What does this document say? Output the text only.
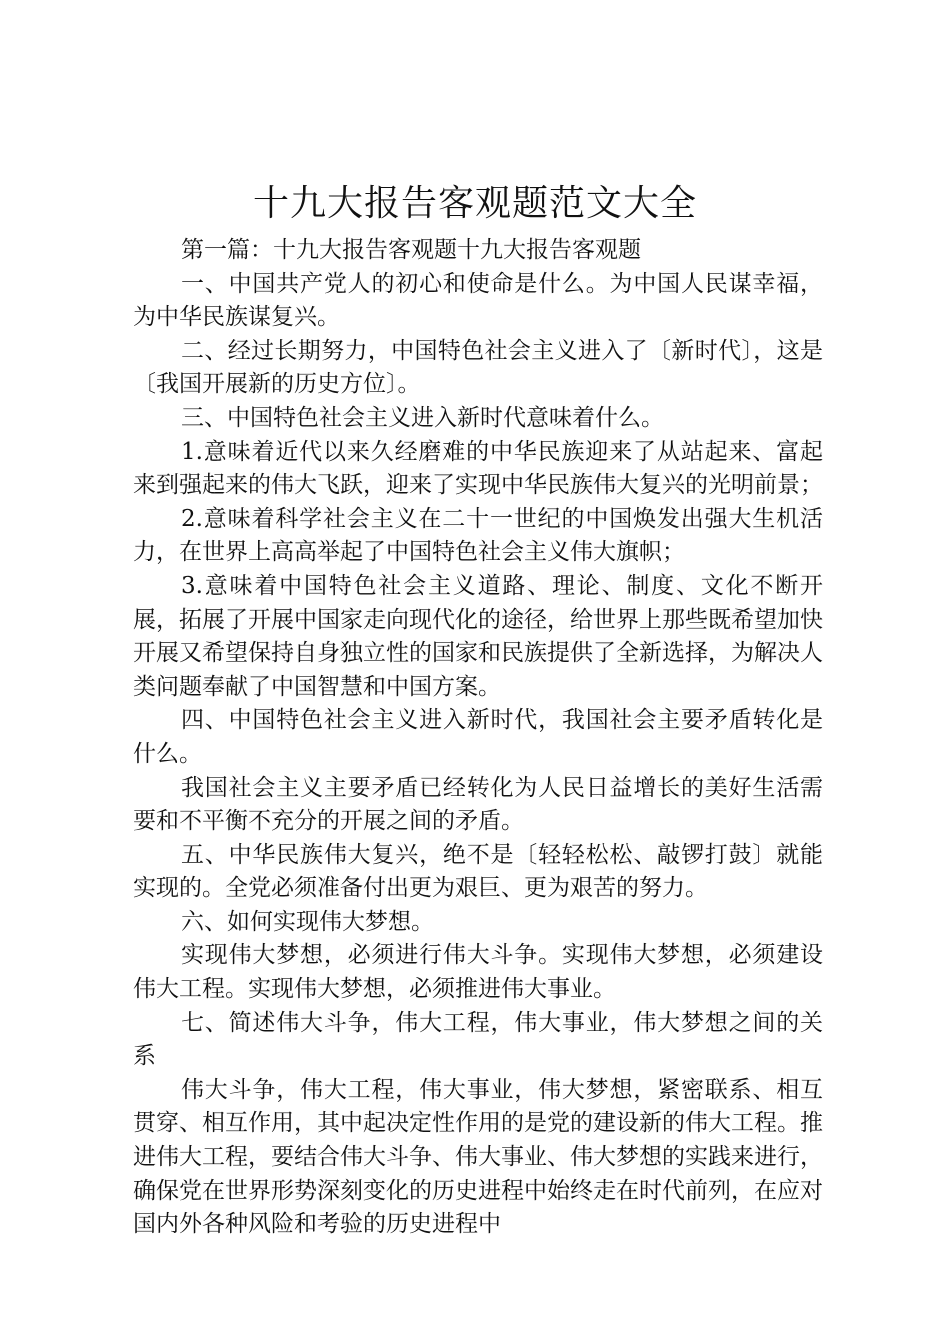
十九大报告客观题范文大全

第一篇：十九大报告客观题十九大报告客观题

一、中国共产党人的初心和使命是什么。为中国人民谋幸福，为中华民族谋复兴。

二、经过长期努力，中国特色社会主义进入了〔新时代〕，这是〔我国开展新的历史方位〕。

三、中国特色社会主义进入新时代意味着什么。

1.意味着近代以来久经磨难的中华民族迎来了从站起来、富起来到强起来的伟大飞跃，迎来了实现中华民族伟大复兴的光明前景；

2.意味着科学社会主义在二十一世纪的中国焕发出强大生机活力，在世界上高高举起了中国特色社会主义伟大旗帜；

3.意味着中国特色社会主义道路、理论、制度、文化不断开展，拓展了开展中国家走向现代化的途径，给世界上那些既希望加快开展又希望保持自身独立性的国家和民族提供了全新选择，为解决人类问题奉献了中国智慧和中国方案。

四、中国特色社会主义进入新时代，我国社会主要矛盾转化是什么。

我国社会主义主要矛盾已经转化为人民日益增长的美好生活需要和不平衡不充分的开展之间的矛盾。

五、中华民族伟大复兴，绝不是〔轻轻松松、敲锣打鼓〕就能实现的。全党必须准备付出更为艰巨、更为艰苦的努力。

六、如何实现伟大梦想。

实现伟大梦想，必须进行伟大斗争。实现伟大梦想，必须建设伟大工程。实现伟大梦想，必须推进伟大事业。

七、简述伟大斗争，伟大工程，伟大事业，伟大梦想之间的关系

伟大斗争，伟大工程，伟大事业，伟大梦想，紧密联系、相互贯穿、相互作用，其中起决定性作用的是党的建设新的伟大工程。推进伟大工程，要结合伟大斗争、伟大事业、伟大梦想的实践来进行，确保党在世界形势深刻变化的历史进程中始终走在时代前列，在应对国内外各种风险和考验的历史进程中
